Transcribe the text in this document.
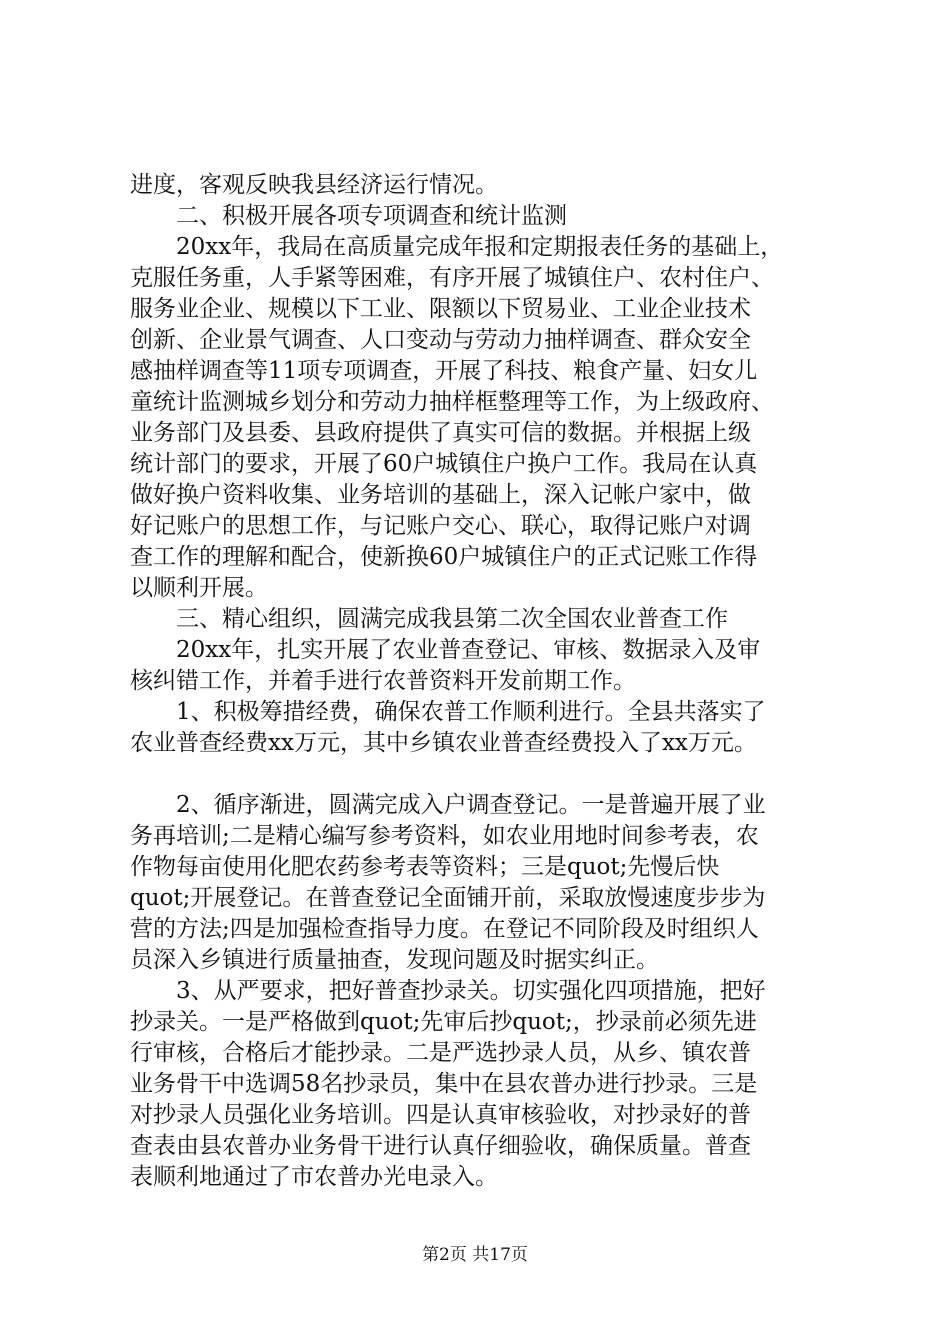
进度，客观反映我县经济运行情况。
　　二、积极开展各项专项调查和统计监测
　　20xx年，我局在高质量完成年报和定期报表任务的基础上，
克服任务重，人手紧等困难，有序开展了城镇住户、农村住户、
服务业企业、规模以下工业、限额以下贸易业、工业企业技术
创新、企业景气调查、人口变动与劳动力抽样调查、群众安全
感抽样调查等11项专项调查，开展了科技、粮食产量、妇女儿
童统计监测城乡划分和劳动力抽样框整理等工作，为上级政府、
业务部门及县委、县政府提供了真实可信的数据。并根据上级
统计部门的要求，开展了60户城镇住户换户工作。我局在认真
做好换户资料收集、业务培训的基础上，深入记帐户家中，做
好记账户的思想工作，与记账户交心、联心，取得记账户对调
查工作的理解和配合，使新换60户城镇住户的正式记账工作得
以顺利开展。
　　三、精心组织，圆满完成我县第二次全国农业普查工作
　　20xx年，扎实开展了农业普查登记、审核、数据录入及审
核纠错工作，并着手进行农普资料开发前期工作。
　　1、积极筹措经费，确保农普工作顺利进行。全县共落实了
农业普查经费xx万元，其中乡镇农业普查经费投入了xx万元。
　　2、循序渐进，圆满完成入户调查登记。一是普遍开展了业
务再培训;二是精心编写参考资料，如农业用地时间参考表，农
作物每亩使用化肥农药参考表等资料；三是quot;先慢后快
quot;开展登记。在普查登记全面铺开前，采取放慢速度步步为
营的方法;四是加强检查指导力度。在登记不同阶段及时组织人
员深入乡镇进行质量抽查，发现问题及时据实纠正。
　　3、从严要求，把好普查抄录关。切实强化四项措施，把好
抄录关。一是严格做到quot;先审后抄quot;，抄录前必须先进
行审核，合格后才能抄录。二是严选抄录人员，从乡、镇农普
业务骨干中选调58名抄录员，集中在县农普办进行抄录。三是
对抄录人员强化业务培训。四是认真审核验收，对抄录好的普
查表由县农普办业务骨干进行认真仔细验收，确保质量。普查
表顺利地通过了市农普办光电录入。
第2页 共17页
